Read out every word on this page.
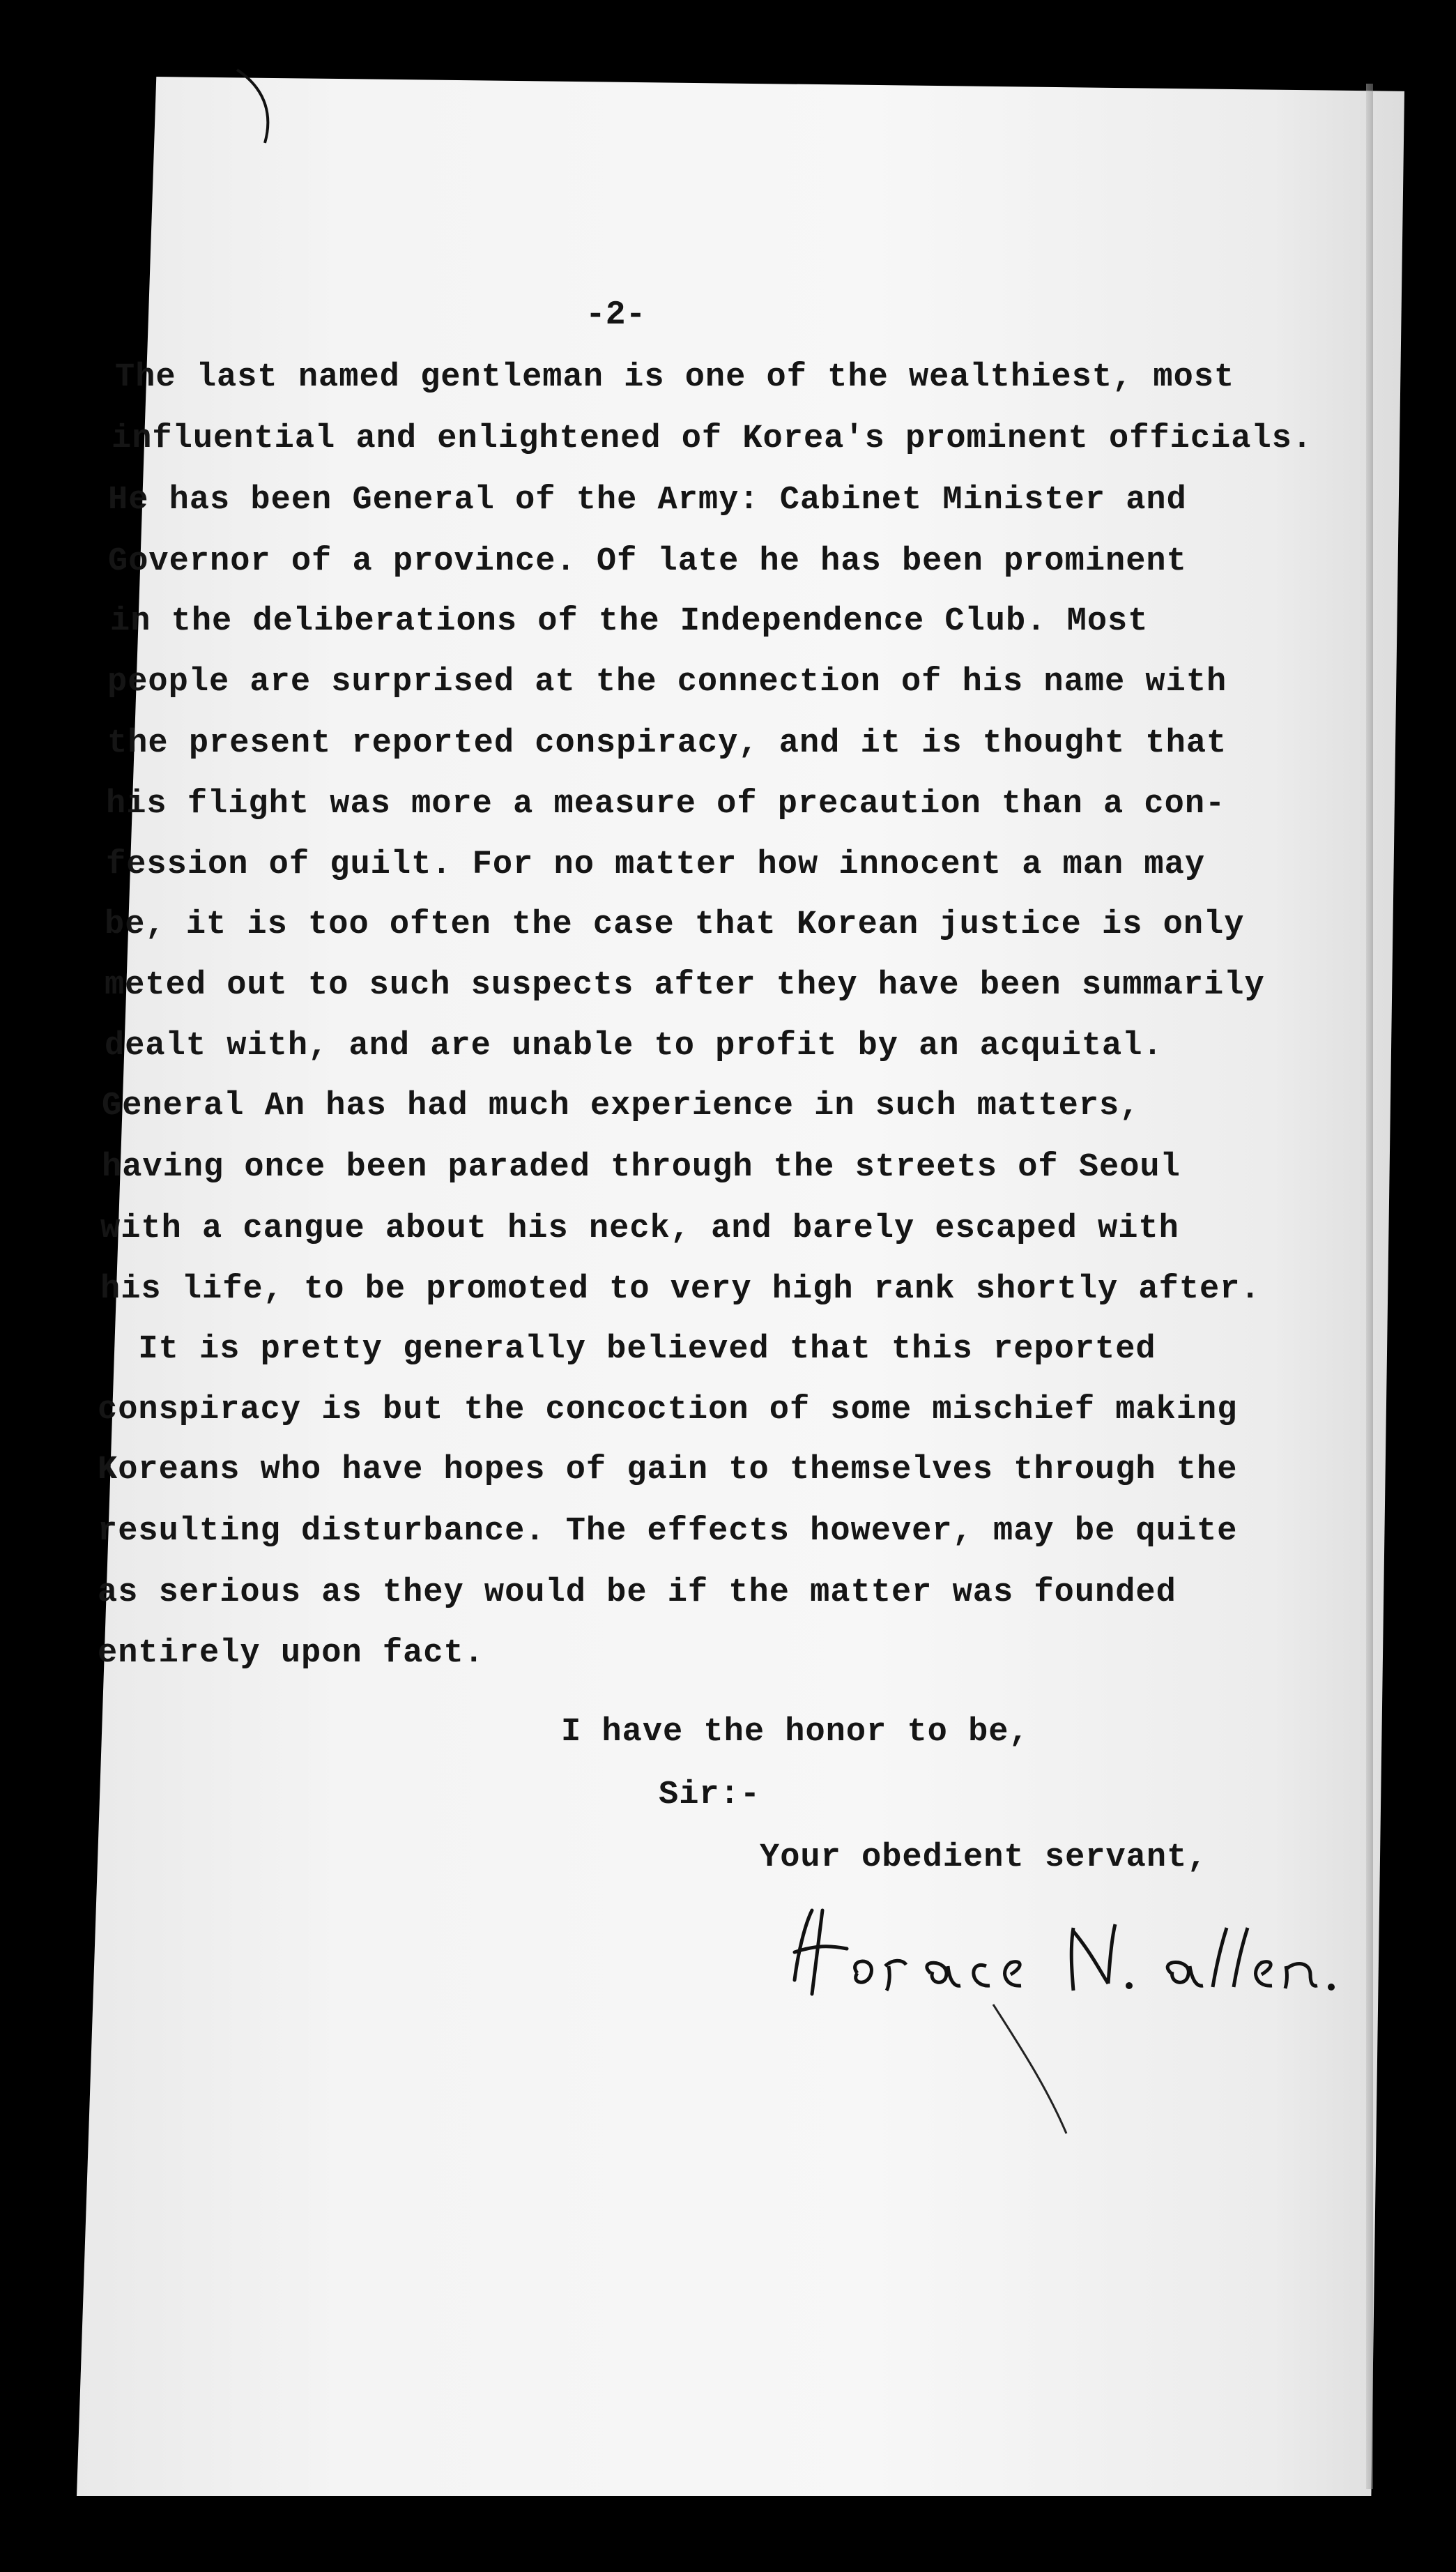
-2-
The last named gentleman is one of the wealthiest, most
influential and enlightened of Korea's prominent officials.
He has been General of the Army: Cabinet Minister and
Governor of a province. Of late he has been prominent
in the deliberations of the Independence Club. Most
people are surprised at the connection of his name with
the present reported conspiracy, and it is thought that
his flight was more a measure of precaution than a con-
fession of guilt. For no matter how innocent a man may
be, it is too often the case that Korean justice is only
meted out to such suspects after they have been summarily
dealt with, and are unable to profit by an acquital.
General An has had much experience in such matters,
having once been paraded through the streets of Seoul
with a cangue about his neck, and barely escaped with
his life, to be promoted to very high rank shortly after.
It is pretty generally believed that this reported
conspiracy is but the concoction of some mischief making
Koreans who have hopes of gain to themselves through the
resulting disturbance. The effects however, may be quite
as serious as they would be if the matter was founded
entirely upon fact.
I have the honor to be,
Sir:-
Your obedient servant,
